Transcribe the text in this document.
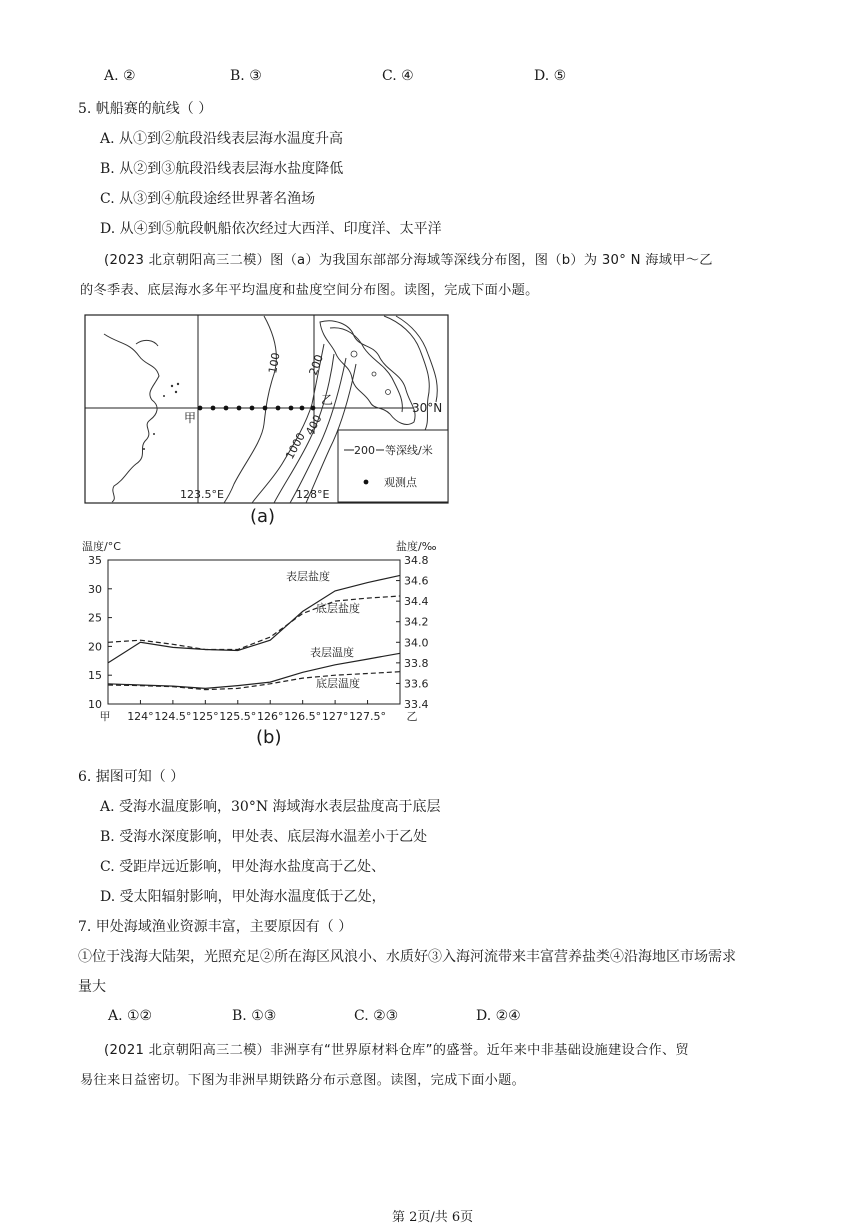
A. ②	B. ③	C. ④	D. ⑤
5. 帆船赛的航线（ ）
A. 从①到②航段沿线表层海水温度升高
B. 从②到③航段沿线表层海水盐度降低
C. 从③到④航段途经世界著名渔场
D. 从④到⑤航段帆船依次经过大西洋、印度洋、太平洋
(2023 北京朝阳高三二模）图（a）为我国东部部分海域等深线分布图，图（b）为 30° N 海域甲～乙
的冬季表、底层海水多年平均温度和盐度空间分布图。读图，完成下面小题。
100 200
1000
400
甲
乙
30°N
123.5°E	128°E
200 等深线/米
观测点
(a)
10
15
20
25
30
35
33.4
33.6
33.8
34.0
34.2
34.4
34.6
34.8
124° 124.5° 125° 125.5° 126° 126.5° 127° 127.5°
甲	乙
温度/°C	盐度/‰
表层盐度
底层盐度
表层温度
底层温度
(b)
6. 据图可知（ ）
A. 受海水温度影响，30°N 海域海水表层盐度高于底层
B. 受海水深度影响，甲处表、底层海水温差小于乙处
C. 受距岸远近影响，甲处海水盐度高于乙处、
D. 受太阳辐射影响，甲处海水温度低于乙处，
7. 甲处海域渔业资源丰富，主要原因有（ ）
①位于浅海大陆架，光照充足②所在海区风浪小、水质好③入海河流带来丰富营养盐类④沿海地区市场需求
量大
A. ①②	B. ①③	C. ②③	D. ②④
(2021 北京朝阳高三二模）非洲享有“世界原材料仓库”的盛誉。近年来中非基础设施建设合作、贸
易往来日益密切。下图为非洲早期铁路分布示意图。读图，完成下面小题。
第 2页/共 6页
